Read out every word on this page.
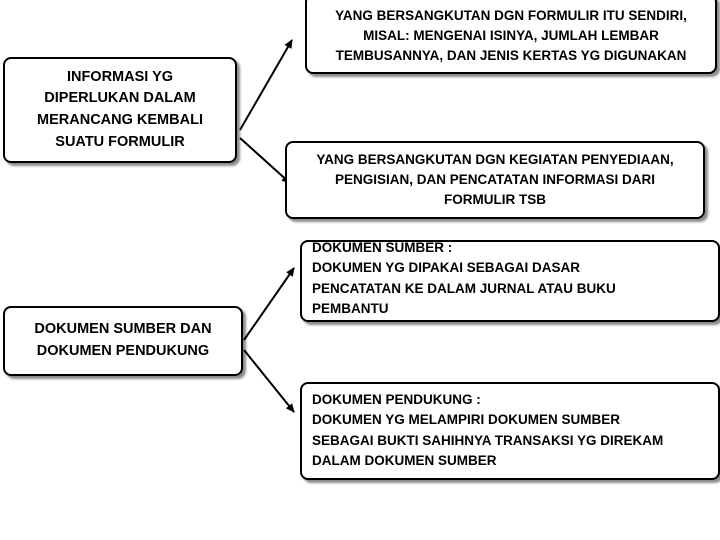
INFORMASI YG
DIPERLUKAN DALAM
MERANCANG KEMBALI
SUATU FORMULIR
DOKUMEN SUMBER DAN
DOKUMEN PENDUKUNG
YANG BERSANGKUTAN DGN FORMULIR ITU SENDIRI,
MISAL: MENGENAI ISINYA, JUMLAH LEMBAR
TEMBUSANNYA, DAN JENIS KERTAS YG DIGUNAKAN
YANG BERSANGKUTAN DGN KEGIATAN PENYEDIAAN,
PENGISIAN, DAN PENCATATAN INFORMASI DARI
FORMULIR TSB
DOKUMEN SUMBER :
DOKUMEN YG DIPAKAI SEBAGAI DASAR
PENCATATAN KE DALAM JURNAL ATAU BUKU
PEMBANTU
DOKUMEN PENDUKUNG :
DOKUMEN YG MELAMPIRI DOKUMEN SUMBER
SEBAGAI BUKTI SAHIHNYA TRANSAKSI YG DIREKAM
DALAM DOKUMEN SUMBER
